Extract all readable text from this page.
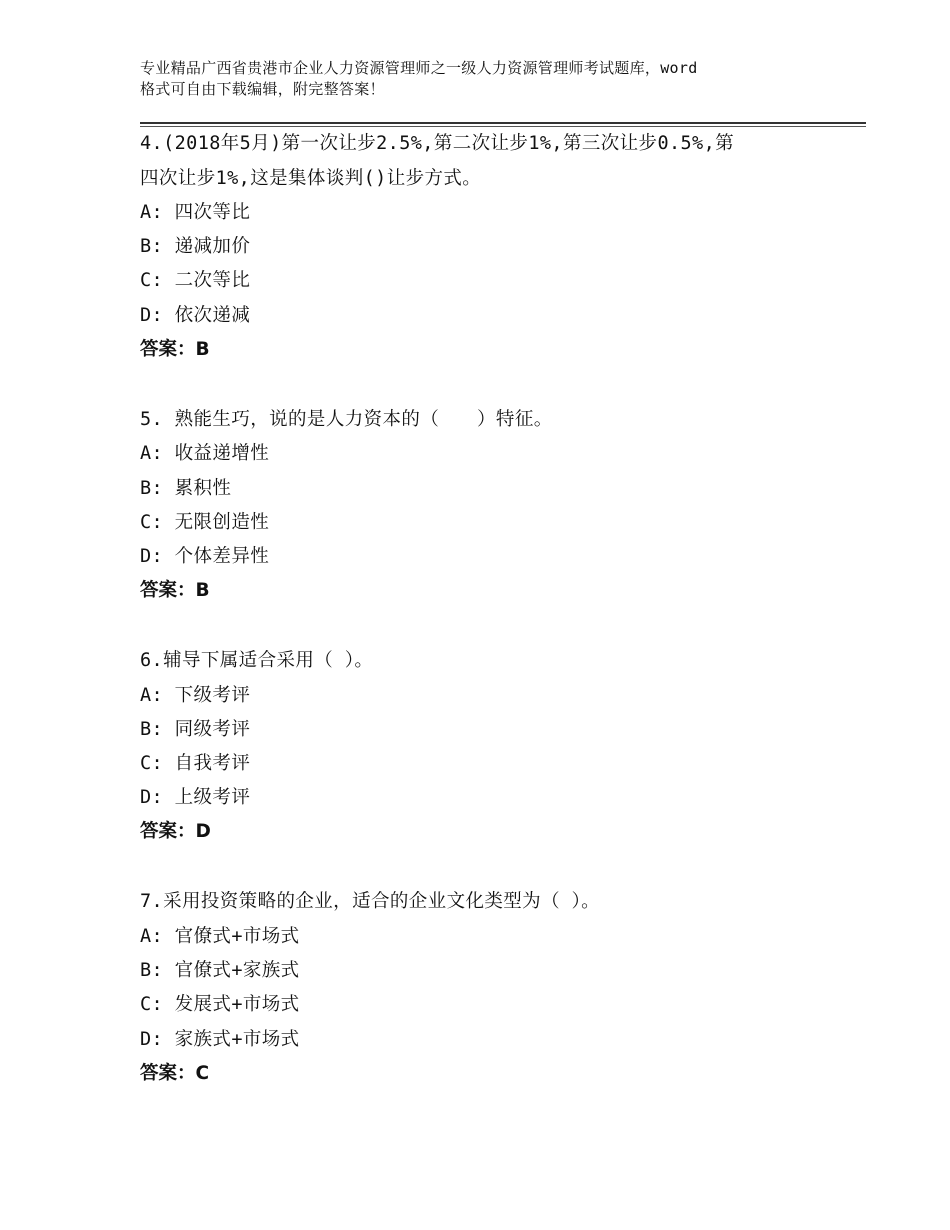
专业精品广西省贵港市企业人力资源管理师之一级人力资源管理师考试题库，word
格式可自由下载编辑，附完整答案！

4.(2018年5月)第一次让步2.5%,第二次让步1%,第三次让步0.5%,第

四次让步1%,这是集体谈判()让步方式。

A: 四次等比

B: 递减加价

C: 二次等比

D: 依次递减

答案：B

5. 熟能生巧，说的是人力资本的（　　）特征。

A: 收益递增性

B: 累积性

C: 无限创造性

D: 个体差异性

答案：B

6.辅导下属适合采用（ ）。

A: 下级考评

B: 同级考评

C: 自我考评

D: 上级考评

答案：D

7.采用投资策略的企业，适合的企业文化类型为（ ）。

A: 官僚式+市场式

B: 官僚式+家族式

C: 发展式+市场式

D: 家族式+市场式

答案：C
